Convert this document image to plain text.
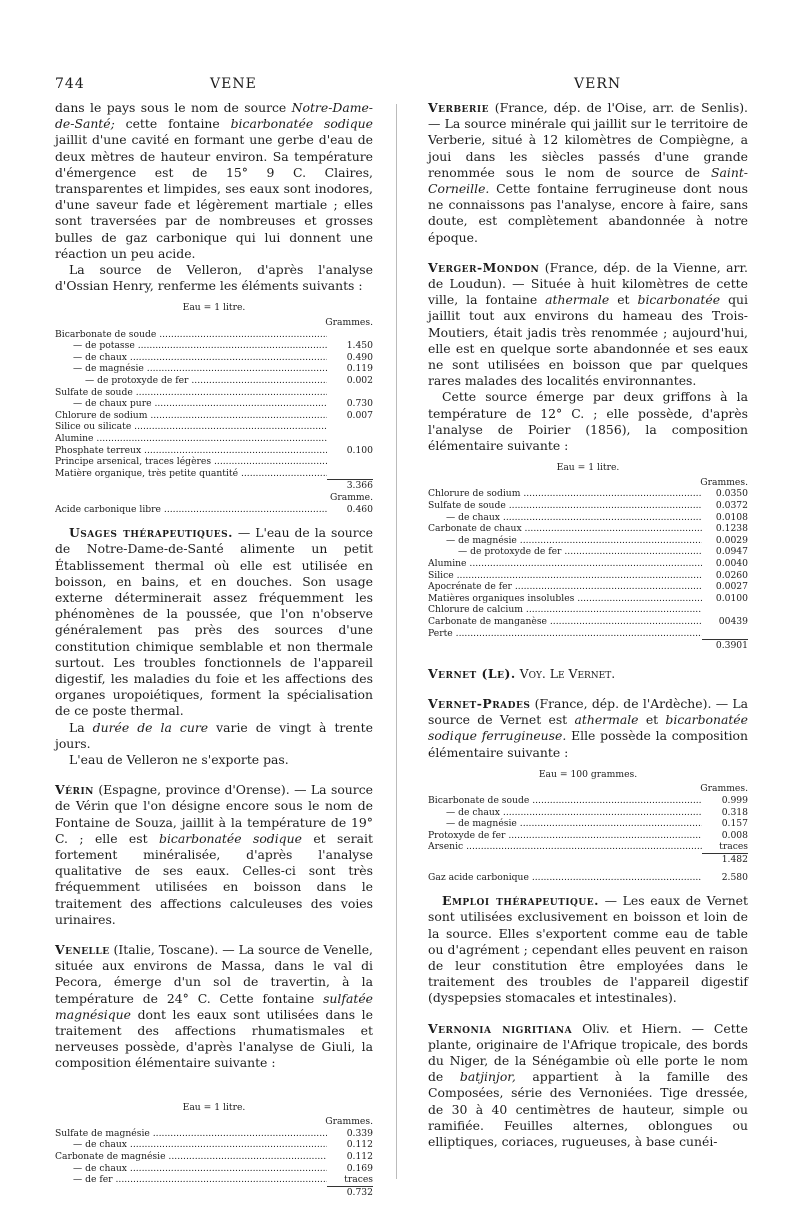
744	VENE	VERN

dans le pays sous le nom de source Notre-Dame-de-Santé; cette fontaine bicarbonatée sodique jaillit d'une cavité en formant une gerbe d'eau de deux mètres de hauteur environ. Sa température d'émergence est de 15° 9 C. Claires, transparentes et limpides, ses eaux sont inodores, d'une saveur fade et légèrement martiale ; elles sont traversées par de nombreuses et grosses bulles de gaz carbonique qui lui donnent une réaction un peu acide.

La source de Velleron, d'après l'analyse d'Ossian Henry, renferme les éléments suivants :

Eau = 1 litre.
Grammes.
Bicarbonate de soude .....
— de potasse .....	1.450
— de chaux .....	0.490
— de magnésie .....	0.119
— de protoxyde de fer .....	0.002
Sulfate de soude .....
— de chaux pure .....	0.730
Chlorure de sodium .....	0.007
Silice ou silicate .....
Alumine .....
Phosphate terreux .....	0.100
Principe arsenical, traces légères .....
Matière organique, très petite quantité .....
3.366
Gramme.
Acide carbonique libre .....	0.460

Usages thérapeutiques. — L'eau de la source de Notre-Dame-de-Santé alimente un petit Établissement thermal où elle est utilisée en boisson, en bains, et en douches. Son usage externe déterminerait assez fréquemment les phénomènes de la poussée, que l'on n'observe généralement pas près des sources d'une constitution chimique semblable et non thermale surtout. Les troubles fonctionnels de l'appareil digestif, les maladies du foie et les affections des organes uropoiétiques, forment la spécialisation de ce poste thermal.

La durée de la cure varie de vingt à trente jours.

L'eau de Velleron ne s'exporte pas.

Vérin (Espagne, province d'Orense). — La source de Vérin que l'on désigne encore sous le nom de Fontaine de Souza, jaillit à la température de 19° C. ; elle est bicarbonatée sodique et serait fortement minéralisée, d'après l'analyse qualitative de ses eaux. Celles-ci sont très fréquemment utilisées en boisson dans le traitement des affections calculeuses des voies urinaires.

Venelle (Italie, Toscane). — La source de Venelle, située aux environs de Massa, dans le val di Pecora, émerge d'un sol de travertin, à la température de 24° C. Cette fontaine sulfatée magnésique dont les eaux sont utilisées dans le traitement des affections rhumatismales et nerveuses possède, d'après l'analyse de Giuli, la composition élémentaire suivante :

Eau = 1 litre.
Grammes.
Sulfate de magnésie .....	0.339
— de chaux .....	0.112
Carbonate de magnésie .....	0.112
— de chaux .....	0.169
— de fer .....	traces
0.732

Verberie (France, dép. de l'Oise, arr. de Senlis). — La source minérale qui jaillit sur le territoire de Verberie, situé à 12 kilomètres de Compiègne, a joui dans les siècles passés d'une grande renommée sous le nom de source de Saint-Corneille. Cette fontaine ferrugineuse dont nous ne connaissons pas l'analyse, encore à faire, sans doute, est complètement abandonnée à notre époque.

Verger-Mondon (France, dép. de la Vienne, arr. de Loudun). — Située à huit kilomètres de cette ville, la fontaine athermale et bicarbonatée qui jaillit tout aux environs du hameau des Trois-Moutiers, était jadis très renommée ; aujourd'hui, elle est en quelque sorte abandonnée et ses eaux ne sont utilisées en boisson que par quelques rares malades des localités environnantes.

Cette source émerge par deux griffons à la température de 12° C. ; elle possède, d'après l'analyse de Poirier (1856), la composition élémentaire suivante :

Eau = 1 litre.
Grammes.
Chlorure de sodium .....	0.0350
Sulfate de soude .....	0.0372
— de chaux .....	0.0108
Carbonate de chaux .....	0.1238
— de magnésie .....	0.0029
— de protoxyde de fer .....	0.0947
Alumine .....	0.0040
Silice .....	0.0260
Apocrénate de fer .....	0.0027
Matières organiques insolubles .....	0.0100
Chlorure de calcium .....
Carbonate de manganèse .....	00439
Perte .....
0.3901

Vernet (Le). Voy. Le Vernet.

Vernet-Prades (France, dép. de l'Ardèche). — La source de Vernet est athermale et bicarbonatée sodique ferrugineuse. Elle possède la composition élémentaire suivante :

Eau = 100 grammes.
Grammes.
Bicarbonate de soude .....	0.999
— de chaux .....	0.318
— de magnésie .....	0.157
Protoxyde de fer .....	0.008
Arsenic .....	traces
1.482
Gaz acide carbonique .....	2.580

Emploi thérapeutique. — Les eaux de Vernet sont utilisées exclusivement en boisson et loin de la source. Elles s'exportent comme eau de table ou d'agrément ; cependant elles peuvent en raison de leur constitution être employées dans le traitement des troubles de l'appareil digestif (dyspepsies stomacales et intestinales).

Vernonia nigritiana Oliv. et Hiern. — Cette plante, originaire de l'Afrique tropicale, des bords du Niger, de la Sénégambie où elle porte le nom de batjinjor, appartient à la famille des Composées, série des Vernoniées. Tige dressée, de 30 à 40 centimètres de hauteur, simple ou ramifiée. Feuilles alternes, oblongues ou elliptiques, coriaces, rugueuses, à base cunéi-
